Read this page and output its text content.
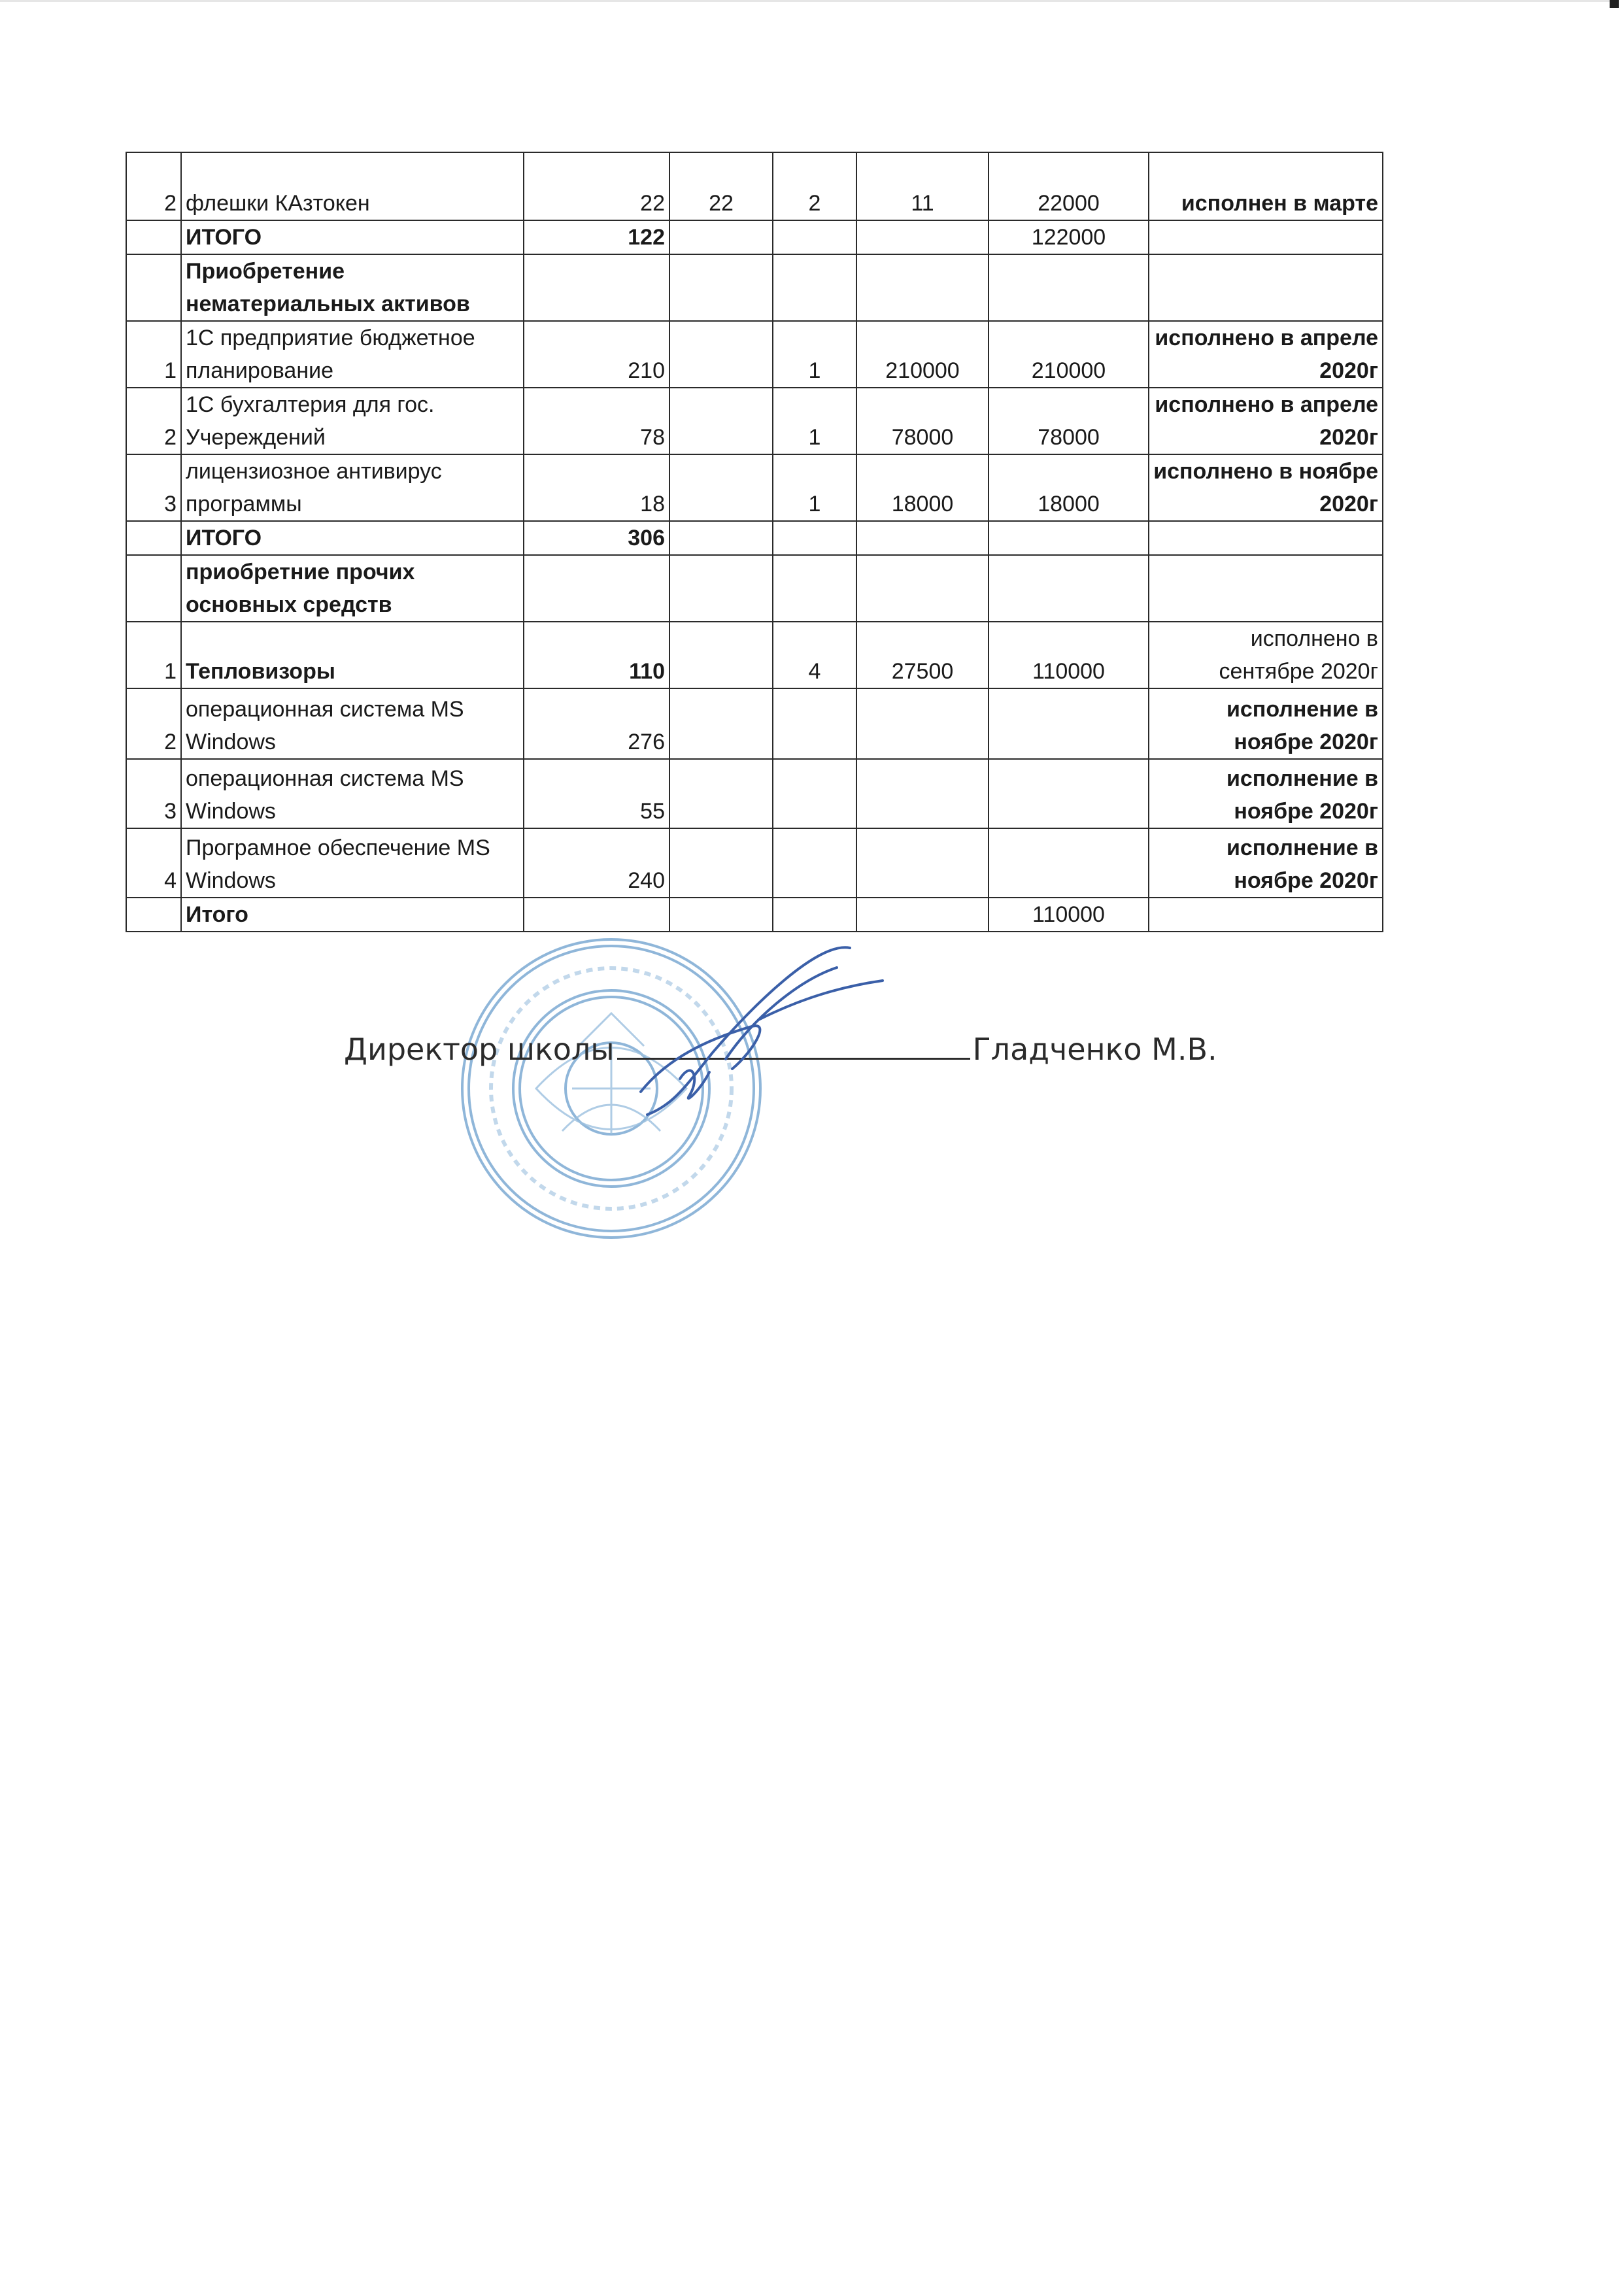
2	флешки КАзтокен	22	22	2	11	22000	исполнен в марте
	ИТОГО	122				122000	
	Приобретение нематериальных активов						
1	1С предприятие бюджетное планирование	210		1	210000	210000	исполнено в апреле 2020г
2	1С бухгалтерия для гос. Учереждений	78		1	78000	78000	исполнено в апреле 2020г
3	лицензиозное антивирус программы	18		1	18000	18000	исполнено в ноябре 2020г
	ИТОГО	306					
	приобретние прочих основных средств						
1	Тепловизоры	110		4	27500	110000	исполнено в сентябре 2020г
2	операционная система MS Windows	276					исполнение в ноябре 2020г
3	операционная система MS Windows	55					исполнение в ноябре 2020г
4	Програмное обеспечение MS Windows	240					исполнение в ноябре 2020г
	Итого					110000	
Директор школы	Гладченко М.В.
